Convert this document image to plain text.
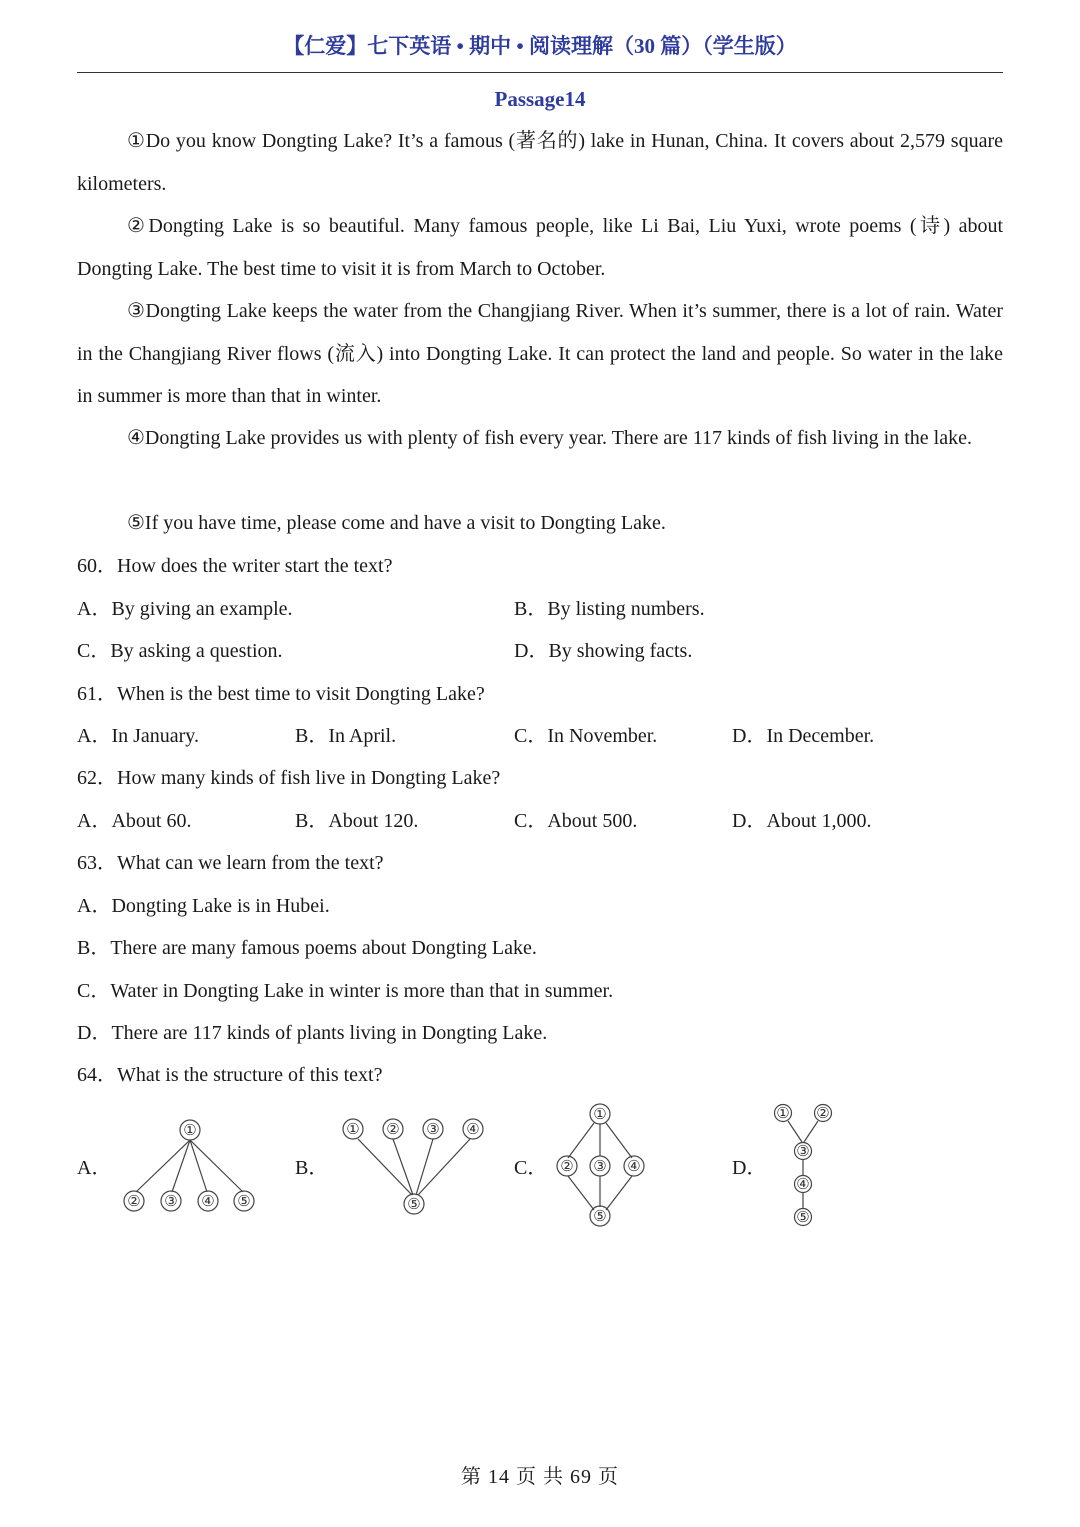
【仁爱】七下英语 • 期中 • 阅读理解（30 篇）（学生版）
Passage14
①Do you know Dongting Lake? It’s a famous (著名的) lake in Hunan, China. It covers about 2,579 square kilometers.
②Dongting Lake is so beautiful. Many famous people, like Li Bai, Liu Yuxi, wrote poems (诗) about Dongting Lake. The best time to visit it is from March to October.
③Dongting Lake keeps the water from the Changjiang River. When it’s summer, there is a lot of rain. Water in the Changjiang River flows (流入) into Dongting Lake. It can protect the land and people. So water in the lake in summer is more than that in winter.
④Dongting Lake provides us with plenty of fish every year. There are 117 kinds of fish living in the lake.
⑤If you have time, please come and have a visit to Dongting Lake.
60．How does the writer start the text?
A．By giving an example.	B．By listing numbers.
C．By asking a question.	D．By showing facts.
61．When is the best time to visit Dongting Lake?
A．In January.	B．In April.	C．In November.	D．In December.
62．How many kinds of fish live in Dongting Lake?
A．About 60.	B．About 120.	C．About 500.	D．About 1,000.
63．What can we learn from the text?
A．Dongting Lake is in Hubei.
B．There are many famous poems about Dongting Lake.
C．Water in Dongting Lake in winter is more than that in summer.
D．There are 117 kinds of plants living in Dongting Lake.
64．What is the structure of this text?
A．	B．	C．	D．
①
② ③ ④ ⑤
① ② ③ ④
⑤
①
② ③ ④
⑤
① ②
③
④
⑤
第 14 页 共 69 页
